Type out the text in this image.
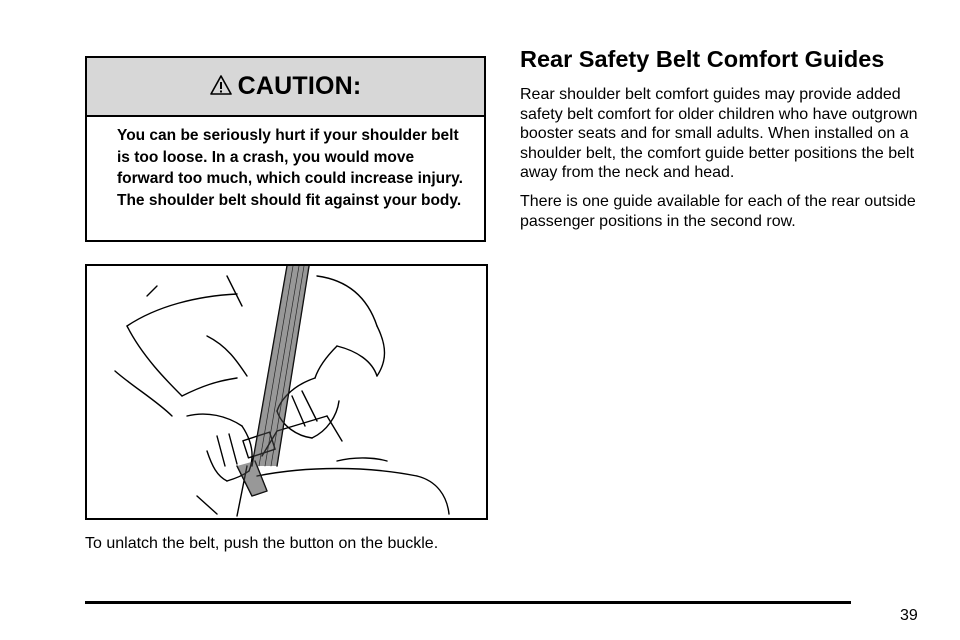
CAUTION:
You can be seriously hurt if your shoulder belt is too loose. In a crash, you would move forward too much, which could increase injury. The shoulder belt should fit against your body.
To unlatch the belt, push the button on the buckle.
Rear Safety Belt Comfort Guides

Rear shoulder belt comfort guides may provide added safety belt comfort for older children who have outgrown booster seats and for small adults. When installed on a shoulder belt, the comfort guide better positions the belt away from the neck and head.

There is one guide available for each of the rear outside passenger positions in the second row.

39
